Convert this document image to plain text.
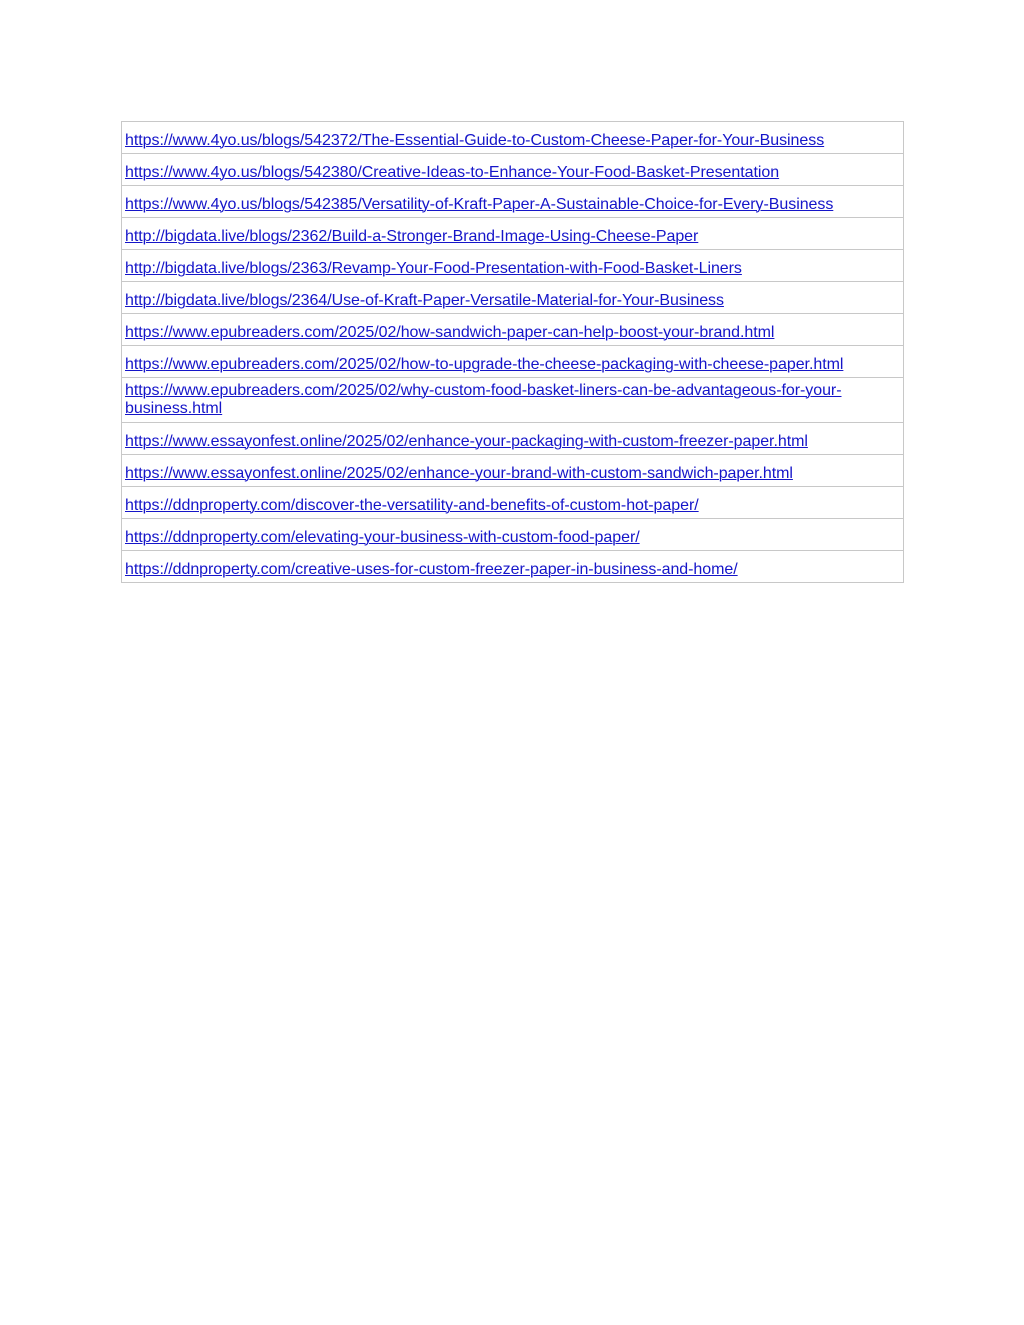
https://www.4yo.us/blogs/542372/The-Essential-Guide-to-Custom-Cheese-Paper-for-Your-Business
https://www.4yo.us/blogs/542380/Creative-Ideas-to-Enhance-Your-Food-Basket-Presentation
https://www.4yo.us/blogs/542385/Versatility-of-Kraft-Paper-A-Sustainable-Choice-for-Every-Business
http://bigdata.live/blogs/2362/Build-a-Stronger-Brand-Image-Using-Cheese-Paper
http://bigdata.live/blogs/2363/Revamp-Your-Food-Presentation-with-Food-Basket-Liners
http://bigdata.live/blogs/2364/Use-of-Kraft-Paper-Versatile-Material-for-Your-Business
https://www.epubreaders.com/2025/02/how-sandwich-paper-can-help-boost-your-brand.html
https://www.epubreaders.com/2025/02/how-to-upgrade-the-cheese-packaging-with-cheese-paper.html
https://www.epubreaders.com/2025/02/why-custom-food-basket-liners-can-be-advantageous-for-your-
business.html
https://www.essayonfest.online/2025/02/enhance-your-packaging-with-custom-freezer-paper.html
https://www.essayonfest.online/2025/02/enhance-your-brand-with-custom-sandwich-paper.html
https://ddnproperty.com/discover-the-versatility-and-benefits-of-custom-hot-paper/
https://ddnproperty.com/elevating-your-business-with-custom-food-paper/
https://ddnproperty.com/creative-uses-for-custom-freezer-paper-in-business-and-home/
